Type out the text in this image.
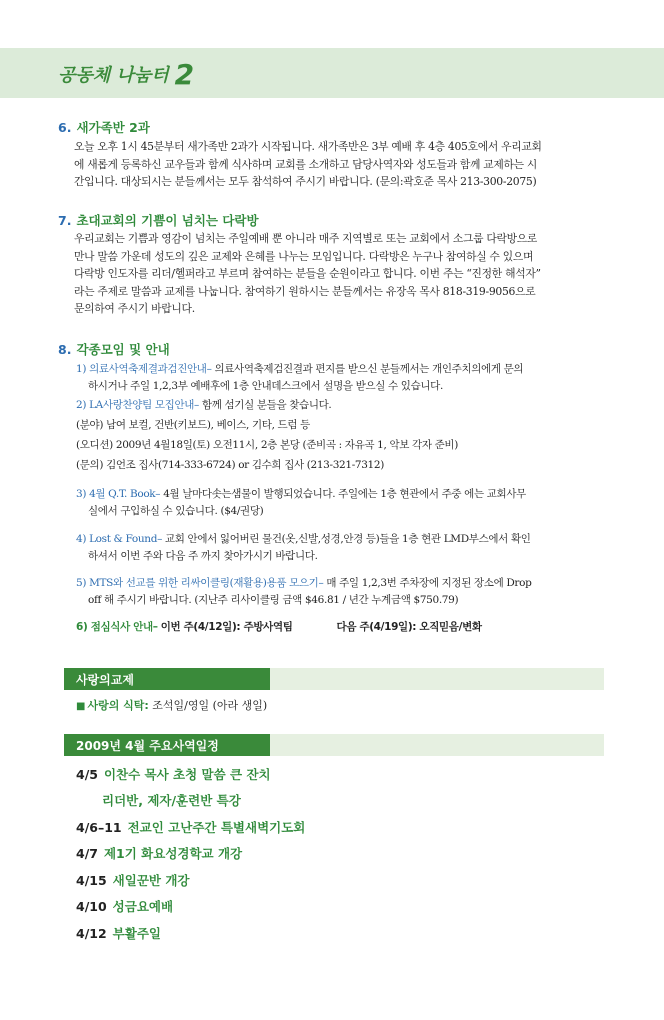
공동체 나눔터 2
6. 새가족반 2과
오늘 오후 1시 45분부터 새가족반 2과가 시작됩니다. 새가족반은 3부 예배 후 4층 405호에서 우리교회
에 새롭게 등록하신 교우들과 함께 식사하며 교회를 소개하고 담당사역자와 성도들과 함께 교제하는 시
간입니다. 대상되시는 분들께서는 모두 참석하여 주시기 바랍니다. (문의:곽호준 목사 213-300-2075)
7. 초대교회의 기쁨이 넘치는 다락방
우리교회는 기쁨과 영감이 넘치는 주일예배 뿐 아니라 매주 지역별로 또는 교회에서 소그룹 다락방으로
만나 말씀 가운데 성도의 깊은 교제와 은혜를 나누는 모임입니다. 다락방은 누구나 참여하실 수 있으며
다락방 인도자를 리더/헬퍼라고 부르며 참여하는 분들을 순원이라고 합니다. 이번 주는 “진정한 해석자”
라는 주제로 말씀과 교제를 나눕니다. 참여하기 원하시는 분들께서는 유장옥 목사 818-319-9056으로
문의하여 주시기 바랍니다.
8. 각종모임 및 안내
1) 의료사역축제결과검진안내– 의료사역축제검진결과 편지를 받으신 분들께서는 개인주치의에게 문의
하시거나 주일 1,2,3부 예배후에 1층 안내데스크에서 설명을 받으실 수 있습니다.
2) LA사랑찬양팀 모집안내– 함께 섬기실 분들을 찾습니다.
(분야) 남여 보컬, 건반(키보드), 베이스, 기타, 드럼 등
(오디션) 2009년 4월18일(토) 오전11시, 2층 본당 (준비곡 : 자유곡 1, 악보 각자 준비)
(문의) 김언조 집사(714-333-6724) or 김수희 집사 (213-321-7312)
3) 4월 Q.T. Book– 4월 날마다솟는샘물이 발행되었습니다. 주일에는 1층 현관에서 주중 에는 교회사무
실에서 구입하실 수 있습니다. ($4/권당)
4) Lost & Found– 교회 안에서 잃어버린 물건(옷,신발,성경,안경 등)들을 1층 현관 LMD부스에서 확인
하셔서 이번 주와 다음 주 까지 찾아가시기 바랍니다.
5) MTS와 선교를 위한 리싸이클링(재활용)용품 모으기– 매 주일 1,2,3번 주차장에 지정된 장소에 Drop
off 해 주시기 바랍니다. (지난주 리사이클링 금액 $46.81 / 년간 누계금액 $750.79)
6) 점심식사 안내– 이번 주(4/12일): 주방사역팀	다음 주(4/19일): 오직믿음/변화
사랑의교제
■ 사랑의 식탁: 조석일/영일 (아라 생일)
2009년 4월 주요사역일정
4/5 이찬수 목사 초청 말씀 큰 잔치
리더반, 제자/훈련반 특강
4/6–11 전교인 고난주간 특별새벽기도회
4/7 제1기 화요성경학교 개강
4/15 새일꾼반 개강
4/10 성금요예배
4/12 부활주일
